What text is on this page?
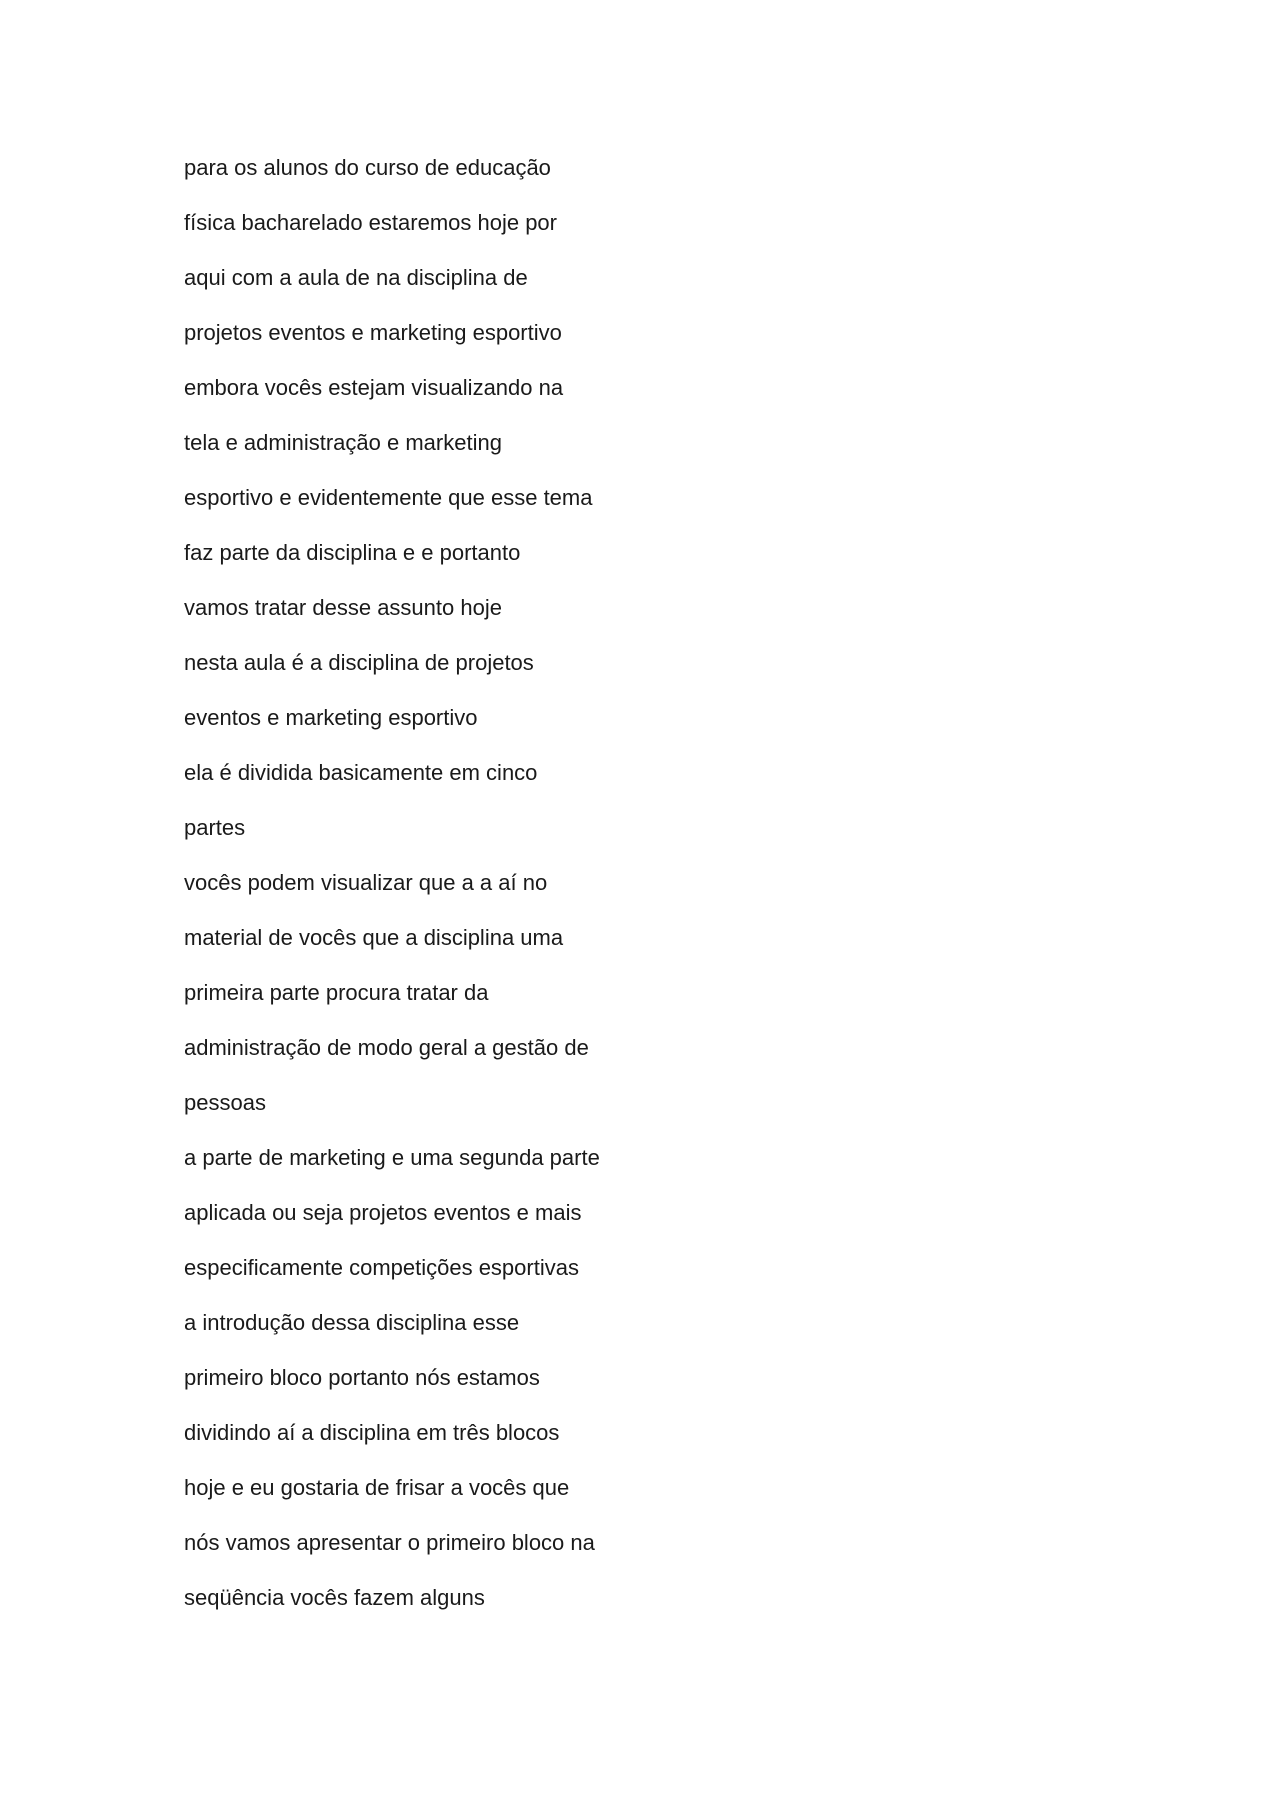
para os alunos do curso de educação
física bacharelado estaremos hoje por
aqui com a aula de na disciplina de
projetos eventos e marketing esportivo
embora vocês estejam visualizando na
tela e administração e marketing
esportivo e evidentemente que esse tema
faz parte da disciplina e e portanto
vamos tratar desse assunto hoje
nesta aula é a disciplina de projetos
eventos e marketing esportivo
ela é dividida basicamente em cinco
partes
vocês podem visualizar que a a aí no
material de vocês que a disciplina uma
primeira parte procura tratar da
administração de modo geral a gestão de
pessoas
a parte de marketing e uma segunda parte
aplicada ou seja projetos eventos e mais
especificamente competições esportivas
a introdução dessa disciplina esse
primeiro bloco portanto nós estamos
dividindo aí a disciplina em três blocos
hoje e eu gostaria de frisar a vocês que
nós vamos apresentar o primeiro bloco na
seqüência vocês fazem alguns
